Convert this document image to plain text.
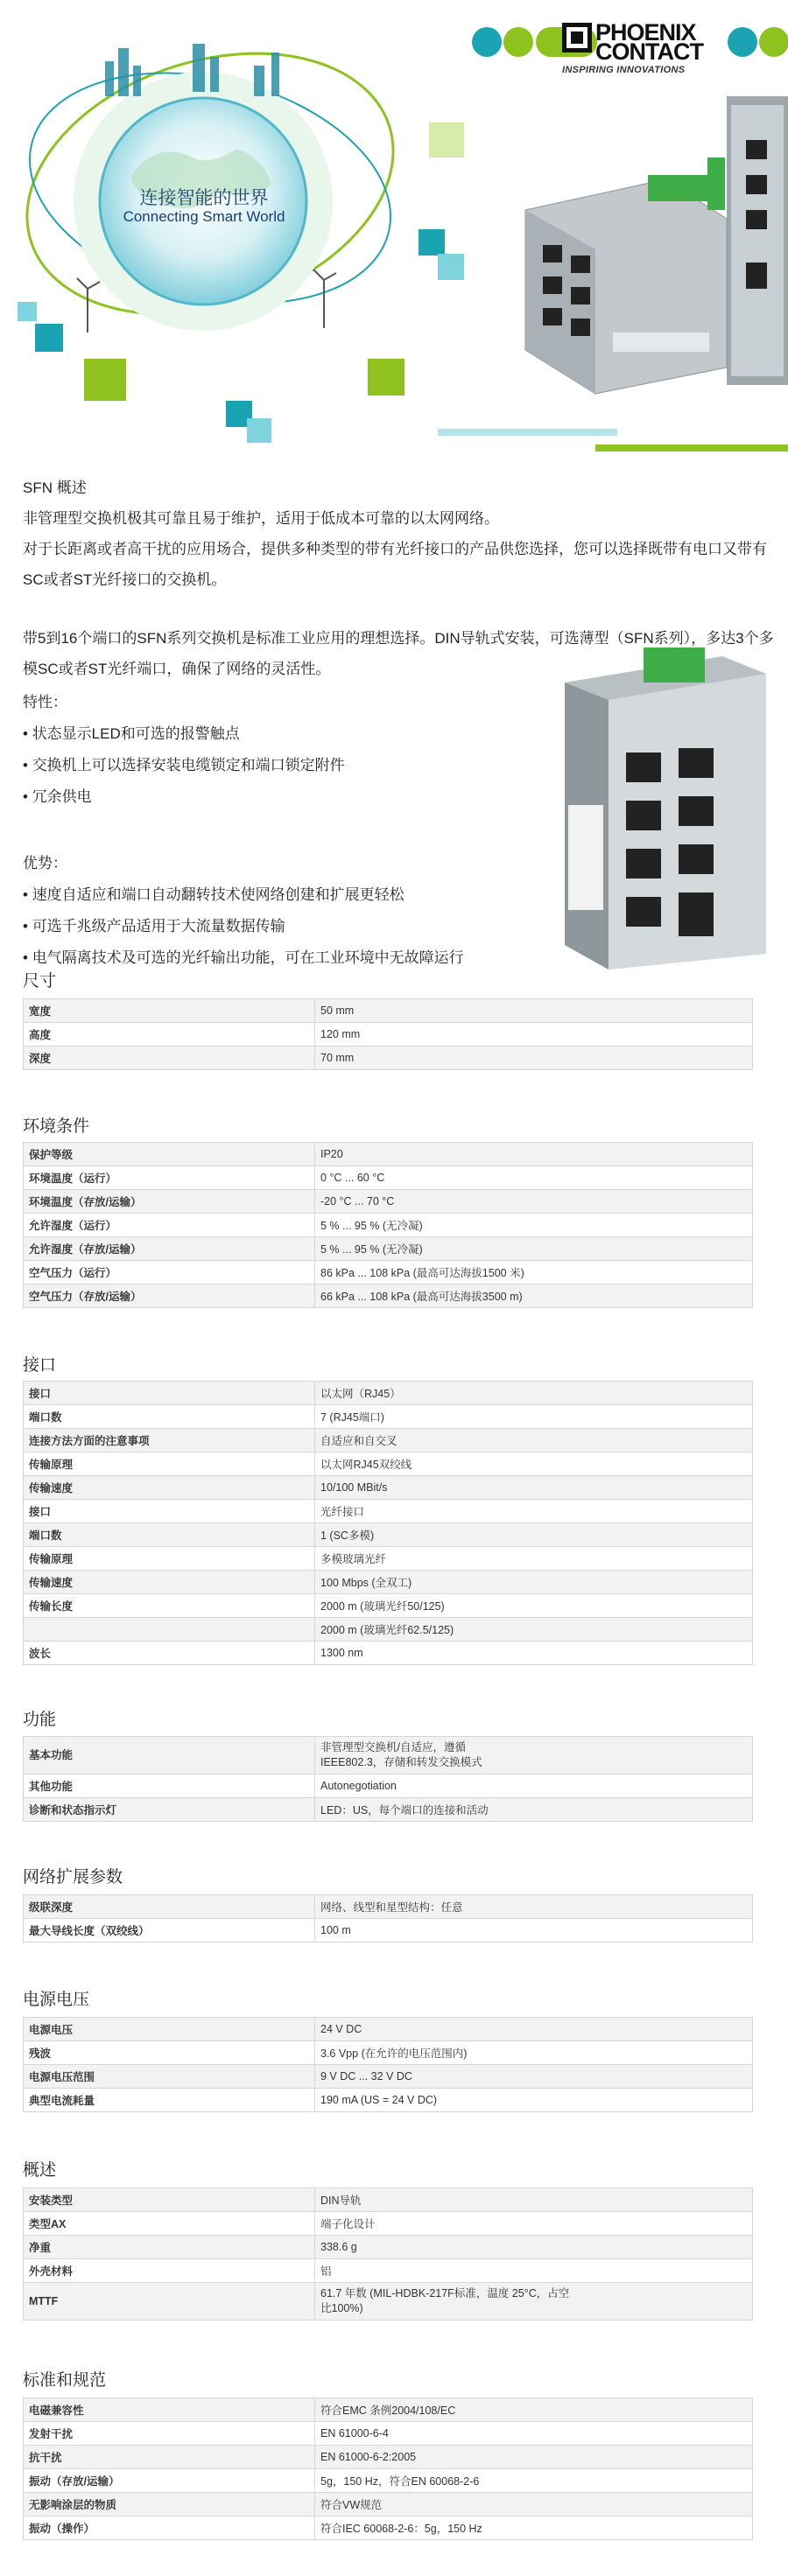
PHOENIX CONTACT
INSPIRING INNOVATIONS
连接智能的世界
Connecting Smart World

SFN 概述

非管理型交换机极其可靠且易于维护，适用于低成本可靠的以太网网络。

对于长距离或者高干扰的应用场合，提供多种类型的带有光纤接口的产品供您选择，您可以选择既带有电口又带有SC或者ST光纤接口的交换机。

带5到16个端口的SFN系列交换机是标准工业应用的理想选择。DIN导轨式安装，可选薄型（SFN系列），多达3个多模SC或者ST光纤端口，确保了网络的灵活性。

特性：
• 状态显示LED和可选的报警触点
• 交换机上可以选择安装电缆锁定和端口锁定附件
• 冗余供电
优势：
• 速度自适应和端口自动翻转技术使网络创建和扩展更轻松
• 可选千兆级产品适用于大流量数据传输
• 电气隔离技术及可选的光纤输出功能，可在工业环境中无故障运行
尺寸
宽度	50 mm
高度	120 mm
深度	70 mm
环境条件
保护等级	IP20
环境温度（运行）	0 °C ... 60 °C
环境温度（存放/运输）	-20 °C ... 70 °C
允许湿度（运行）	5 % ... 95 % (无冷凝)
允许湿度（存放/运输）	5 % ... 95 % (无冷凝)
空气压力（运行）	86 kPa ... 108 kPa (最高可达海拔1500 米)
空气压力（存放/运输）	66 kPa ... 108 kPa (最高可达海拔3500 m)
接口
接口	以太网（RJ45）
端口数	7 (RJ45端口)
连接方法方面的注意事项	自适应和自交叉
传输原理	以太网RJ45双绞线
传输速度	10/100 MBit/s
接口	光纤接口
端口数	1 (SC多模)
传输原理	多模玻璃光纤
传输速度	100 Mbps (全双工)
传输长度	2000 m (玻璃光纤50/125)
	2000 m (玻璃光纤62.5/125)
波长	1300 nm
功能
基本功能	非管理型交换机/自适应，遵循IEEE802.3，存储和转发交换模式
其他功能	Autonegotiation
诊断和状态指示灯	LED：US，每个端口的连接和活动
网络扩展参数
级联深度	网络、线型和星型结构：任意
最大导线长度（双绞线）	100 m
电源电压
电源电压	24 V DC
残波	3.6 Vpp (在允许的电压范围内)
电源电压范围	9 V DC ... 32 V DC
典型电流耗量	190 mA (US = 24 V DC)
概述
安装类型	DIN导轨
类型AX	端子化设计
净重	338.6 g
外壳材料	铝
MTTF	61.7 年数 (MIL-HDBK-217F标准，温度 25°C，占空比100%)
标准和规范
电磁兼容性	符合EMC 条例2004/108/EC
发射干扰	EN 61000-6-4
抗干扰	EN 61000-6-2:2005
振动（存放/运输）	5g，150 Hz，符合EN 60068-2-6
无影响涂层的物质	符合VW规范
振动（操作）	符合IEC 60068-2-6：5g，150 Hz
